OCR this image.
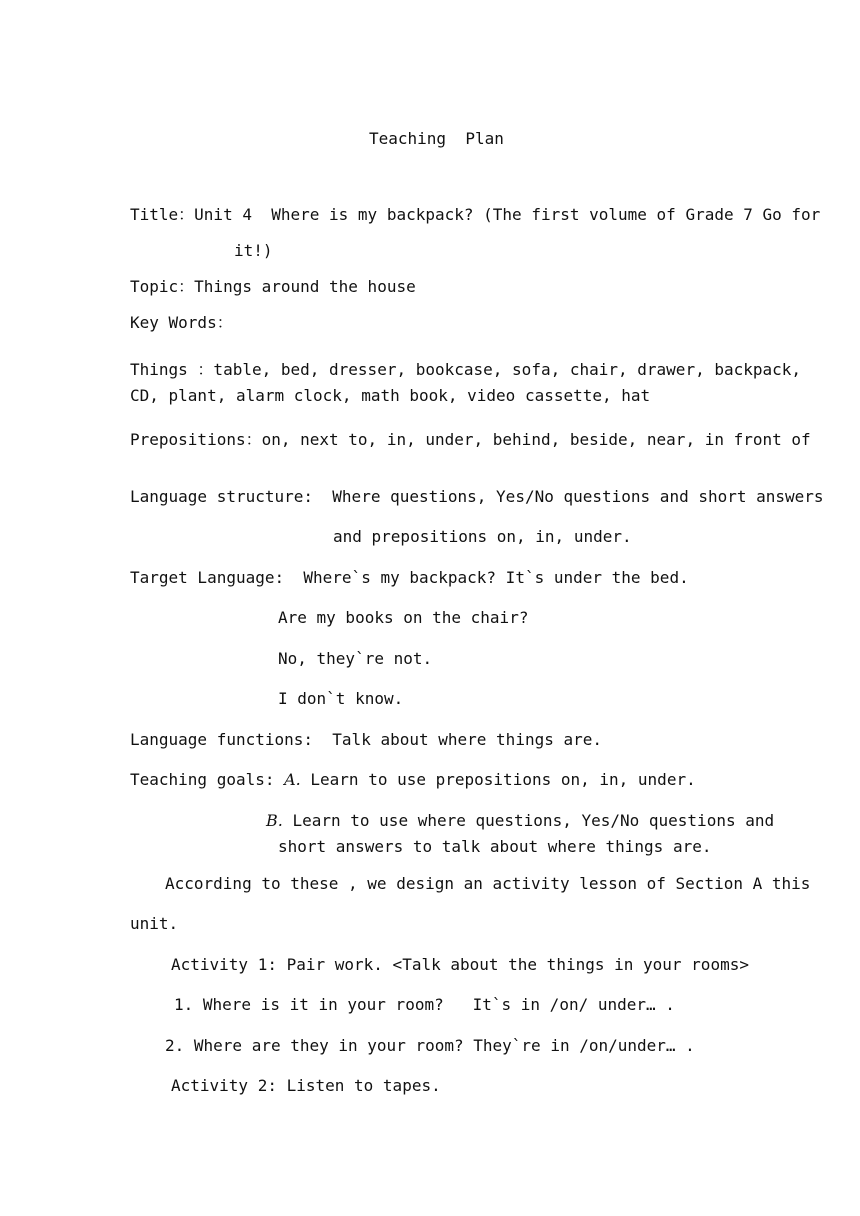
Teaching  Plan
Title：Unit 4  Where is my backpack? (The first volume of Grade 7 Go for
it!)
Topic：Things around the house
Key Words：
Things ：table, bed, dresser, bookcase, sofa, chair, drawer, backpack,
CD, plant, alarm clock, math book, video cassette, hat
Prepositions：on, next to, in, under, behind, beside, near, in front of
Language structure:  Where questions, Yes/No questions and short answers
and prepositions on, in, under.
Target Language:  Where`s my backpack? It`s under the bed.
Are my books on the chair?
No, they`re not.
I don`t know.
Language functions:  Talk about where things are.
Teaching goals: A. Learn to use prepositions on, in, under.
B. Learn to use where questions, Yes/No questions and
short answers to talk about where things are.
According to these , we design an activity lesson of Section A this
unit.
Activity 1: Pair work. <Talk about the things in your rooms>
1. Where is it in your room?   It`s in /on/ under… .
2. Where are they in your room? They`re in /on/under… .
Activity 2: Listen to tapes.
